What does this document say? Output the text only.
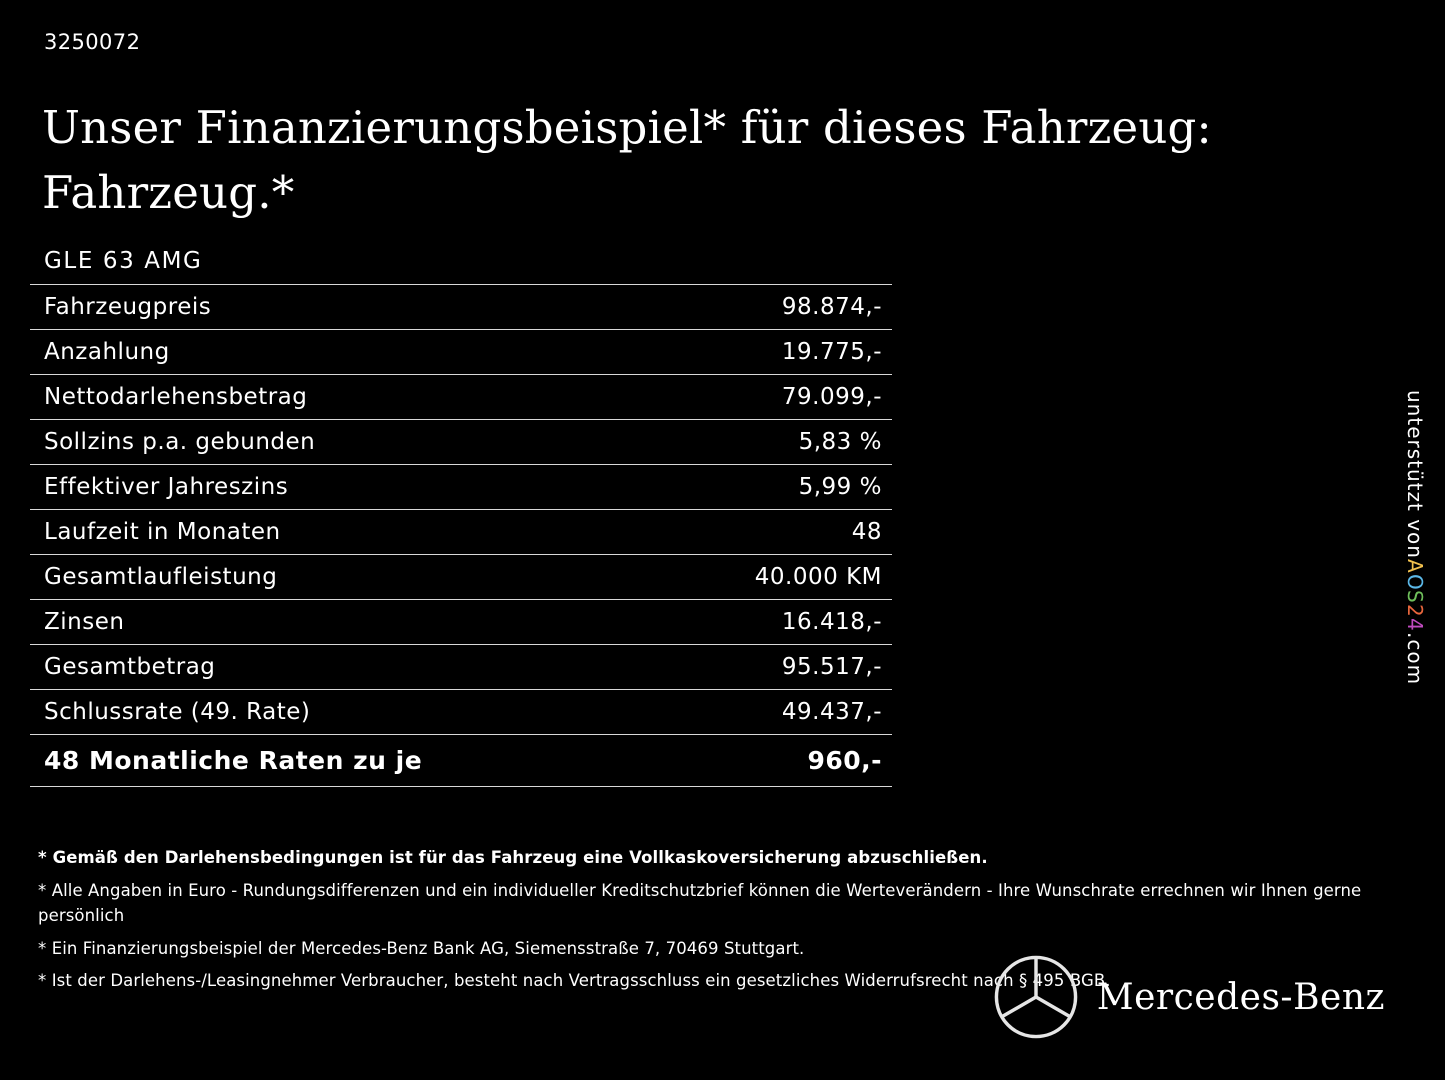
3250072
Unser Finanzierungsbeispiel* für dieses Fahrzeug: Fahrzeug.*
GLE 63 AMG
Fahrzeugpreis	98.874,-
Anzahlung	19.775,-
Nettodarlehensbetrag	79.099,-
Sollzins p.a. gebunden	5,83 %
Effektiver Jahreszins	5,99 %
Laufzeit in Monaten	48
Gesamtlaufleistung	40.000 KM
Zinsen	16.418,-
Gesamtbetrag	95.517,-
Schlussrate (49. Rate)	49.437,-
48 Monatliche Raten zu je	960,-
* Gemäß den Darlehensbedingungen ist für das Fahrzeug eine Vollkaskoversicherung abzuschließen.
* Alle Angaben in Euro - Rundungsdifferenzen und ein individueller Kreditschutzbrief können die Werteverändern - Ihre Wunschrate errechnen wir Ihnen gerne persönlich
* Ein Finanzierungsbeispiel der Mercedes-Benz Bank AG, Siemensstraße 7, 70469 Stuttgart.
* Ist der Darlehens-/Leasingnehmer Verbraucher, besteht nach Vertragsschluss ein gesetzliches Widerrufsrecht nach § 495 BGB.
unterstützt von
A
O
S
2
4
.com
Mercedes-Benz
